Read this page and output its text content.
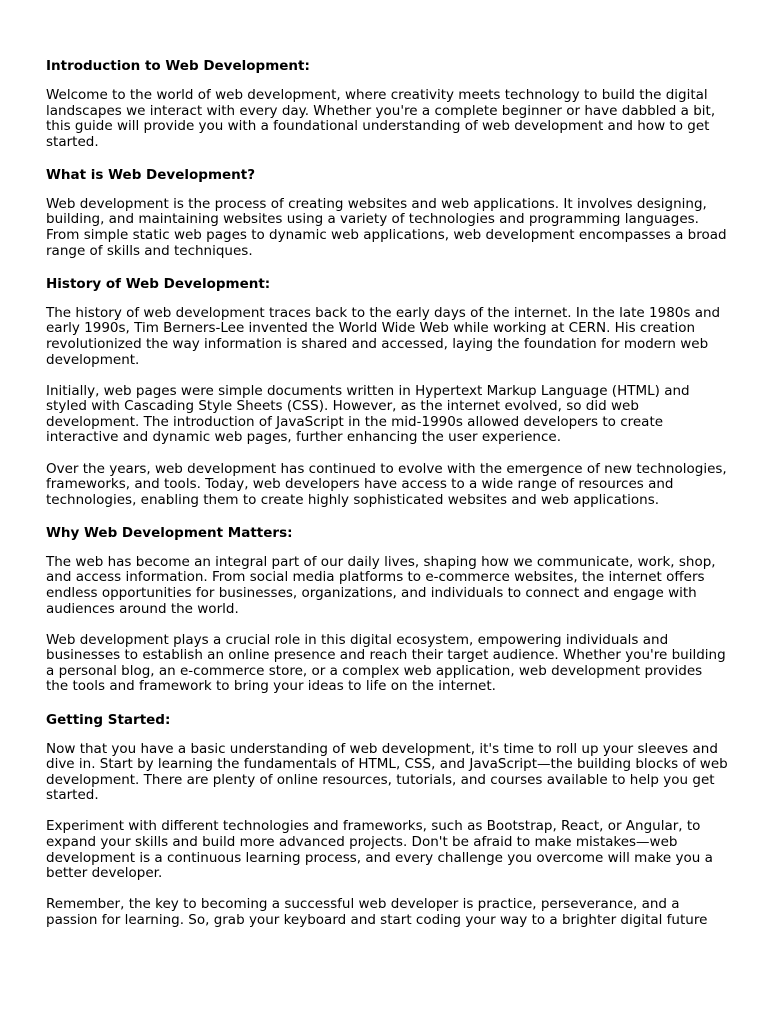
Introduction to Web Development:

Welcome to the world of web development, where creativity meets technology to build the digital landscapes we interact with every day. Whether you're a complete beginner or have dabbled a bit, this guide will provide you with a foundational understanding of web development and how to get started.

What is Web Development?

Web development is the process of creating websites and web applications. It involves designing, building, and maintaining websites using a variety of technologies and programming languages. From simple static web pages to dynamic web applications, web development encompasses a broad range of skills and techniques.

History of Web Development:

The history of web development traces back to the early days of the internet. In the late 1980s and early 1990s, Tim Berners-Lee invented the World Wide Web while working at CERN. His creation revolutionized the way information is shared and accessed, laying the foundation for modern web development.

Initially, web pages were simple documents written in Hypertext Markup Language (HTML) and styled with Cascading Style Sheets (CSS). However, as the internet evolved, so did web development. The introduction of JavaScript in the mid-1990s allowed developers to create interactive and dynamic web pages, further enhancing the user experience.

Over the years, web development has continued to evolve with the emergence of new technologies, frameworks, and tools. Today, web developers have access to a wide range of resources and technologies, enabling them to create highly sophisticated websites and web applications.

Why Web Development Matters:

The web has become an integral part of our daily lives, shaping how we communicate, work, shop, and access information. From social media platforms to e-commerce websites, the internet offers endless opportunities for businesses, organizations, and individuals to connect and engage with audiences around the world.

Web development plays a crucial role in this digital ecosystem, empowering individuals and businesses to establish an online presence and reach their target audience. Whether you're building a personal blog, an e-commerce store, or a complex web application, web development provides the tools and framework to bring your ideas to life on the internet.

Getting Started:

Now that you have a basic understanding of web development, it's time to roll up your sleeves and dive in. Start by learning the fundamentals of HTML, CSS, and JavaScript—the building blocks of web development. There are plenty of online resources, tutorials, and courses available to help you get started.

Experiment with different technologies and frameworks, such as Bootstrap, React, or Angular, to expand your skills and build more advanced projects. Don't be afraid to make mistakes—web development is a continuous learning process, and every challenge you overcome will make you a better developer.

Remember, the key to becoming a successful web developer is practice, perseverance, and a passion for learning. So, grab your keyboard and start coding your way to a brighter digital future
